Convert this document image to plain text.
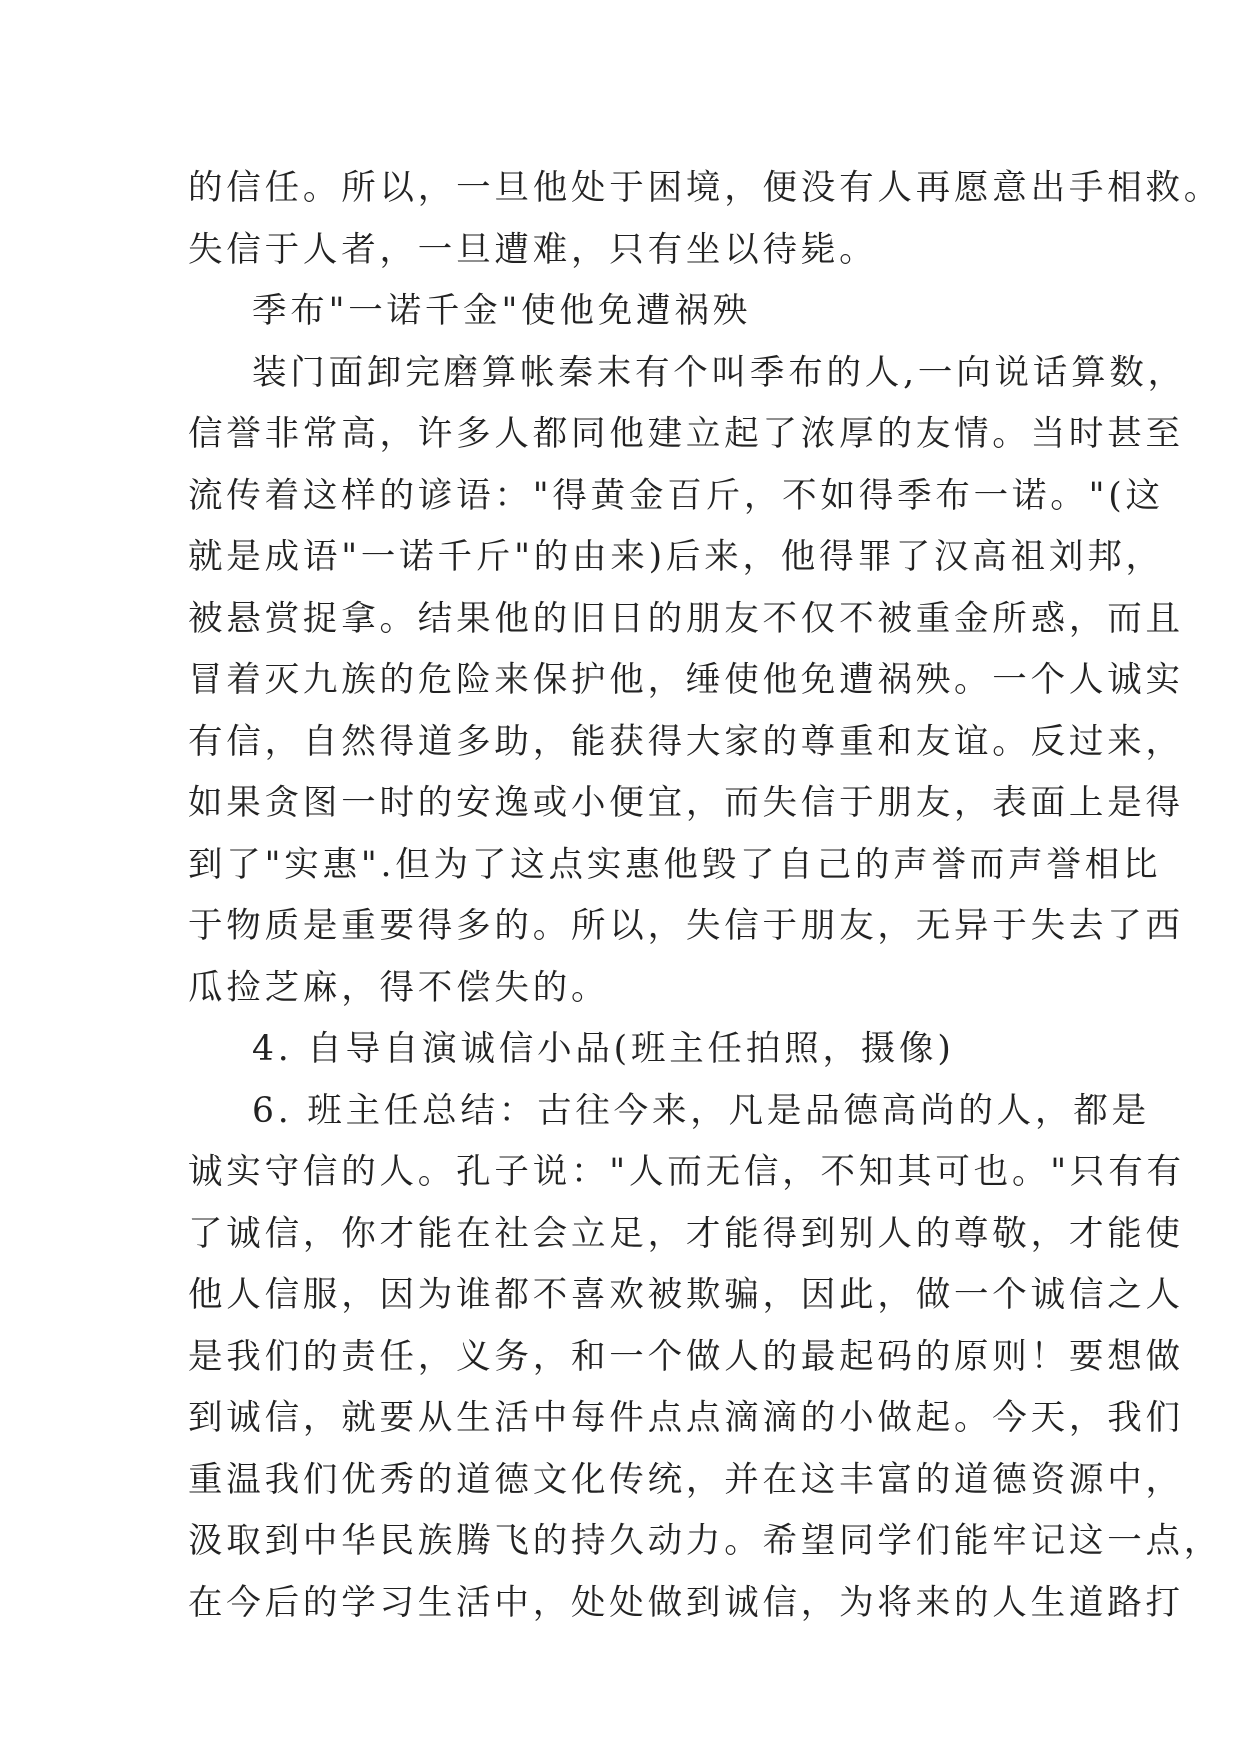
的信任。所以，一旦他处于困境，便没有人再愿意出手相救。
失信于人者，一旦遭难，只有坐以待毙。
季布"一诺千金"使他免遭祸殃
装门面卸完磨算帐秦末有个叫季布的人,一向说话算数，
信誉非常高，许多人都同他建立起了浓厚的友情。当时甚至
流传着这样的谚语："得黄金百斤，不如得季布一诺。"(这
就是成语"一诺千斤"的由来)后来，他得罪了汉高祖刘邦，
被悬赏捉拿。结果他的旧日的朋友不仅不被重金所惑，而且
冒着灭九族的危险来保护他，缍使他免遭祸殃。一个人诚实
有信，自然得道多助，能获得大家的尊重和友谊。反过来，
如果贪图一时的安逸或小便宜，而失信于朋友，表面上是得
到了"实惠".但为了这点实惠他毁了自己的声誉而声誉相比
于物质是重要得多的。所以，失信于朋友，无异于失去了西
瓜捡芝麻，得不偿失的。
4. 自导自演诚信小品(班主任拍照，摄像)
6. 班主任总结：古往今来，凡是品德高尚的人，都是
诚实守信的人。孔子说："人而无信，不知其可也。"只有有
了诚信，你才能在社会立足，才能得到别人的尊敬，才能使
他人信服，因为谁都不喜欢被欺骗，因此，做一个诚信之人
是我们的责任，义务，和一个做人的最起码的原则！要想做
到诚信，就要从生活中每件点点滴滴的小做起。今天，我们
重温我们优秀的道德文化传统，并在这丰富的道德资源中，
汲取到中华民族腾飞的持久动力。希望同学们能牢记这一点，
在今后的学习生活中，处处做到诚信，为将来的人生道路打
